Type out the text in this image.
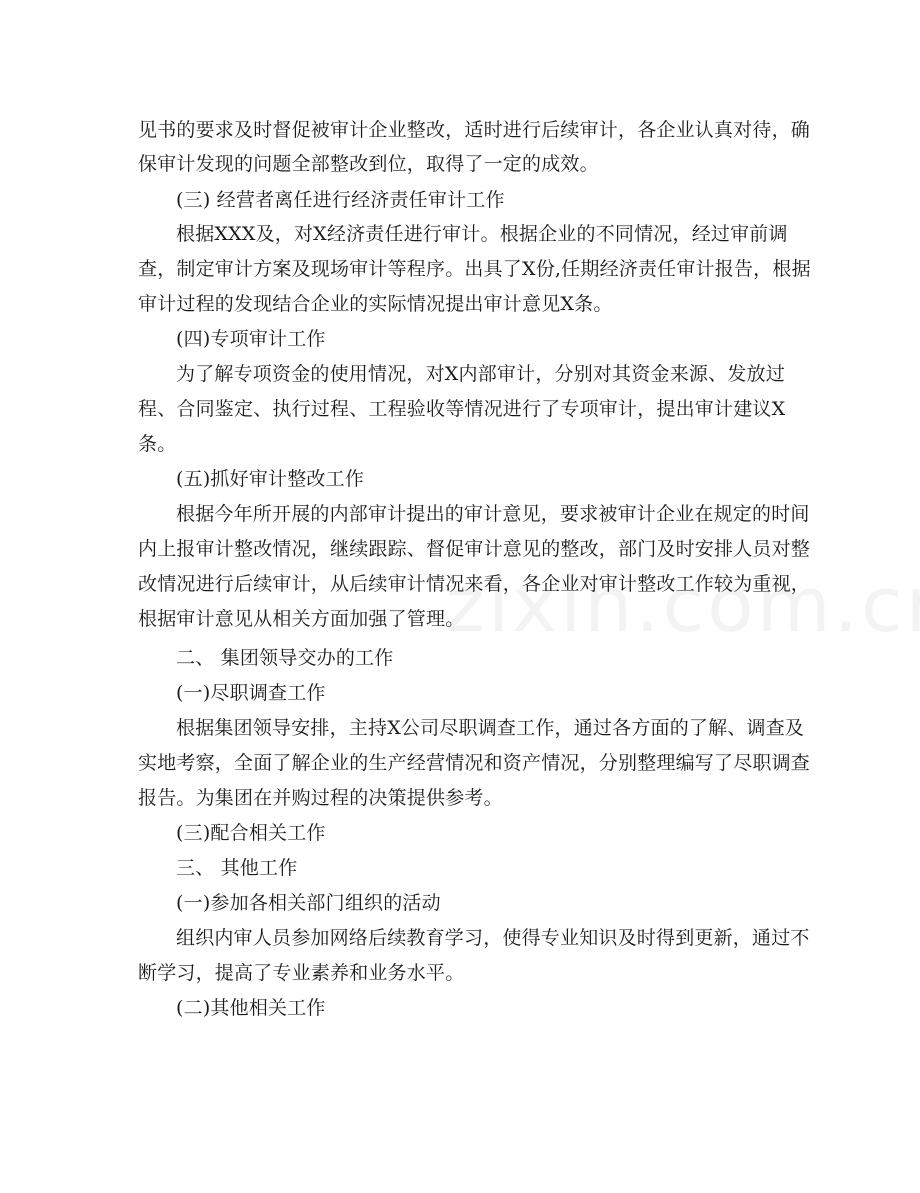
见书的要求及时督促被审计企业整改，适时进行后续审计，各企业认真对待，确
保审计发现的问题全部整改到位，取得了一定的成效。
(三) 经营者离任进行经济责任审计工作
根据XXX及，对X经济责任进行审计。根据企业的不同情况，经过审前调
查，制定审计方案及现场审计等程序。出具了X份,任期经济责任审计报告，根据
审计过程的发现结合企业的实际情况提出审计意见X条。
(四)专项审计工作
为了解专项资金的使用情况，对X内部审计，分别对其资金来源、发放过
程、合同鉴定、执行过程、工程验收等情况进行了专项审计，提出审计建议X
条。
(五)抓好审计整改工作
根据今年所开展的内部审计提出的审计意见，要求被审计企业在规定的时间
内上报审计整改情况，继续跟踪、督促审计意见的整改，部门及时安排人员对整
改情况进行后续审计，从后续审计情况来看，各企业对审计整改工作较为重视，
根据审计意见从相关方面加强了管理。
二、 集团领导交办的工作
(一)尽职调查工作
根据集团领导安排，主持X公司尽职调查工作，通过各方面的了解、调查及
实地考察，全面了解企业的生产经营情况和资产情况，分别整理编写了尽职调查
报告。为集团在并购过程的决策提供参考。
(三)配合相关工作
三、 其他工作
(一)参加各相关部门组织的活动
组织内审人员参加网络后续教育学习，使得专业知识及时得到更新，通过不
断学习，提高了专业素养和业务水平。
(二)其他相关工作
